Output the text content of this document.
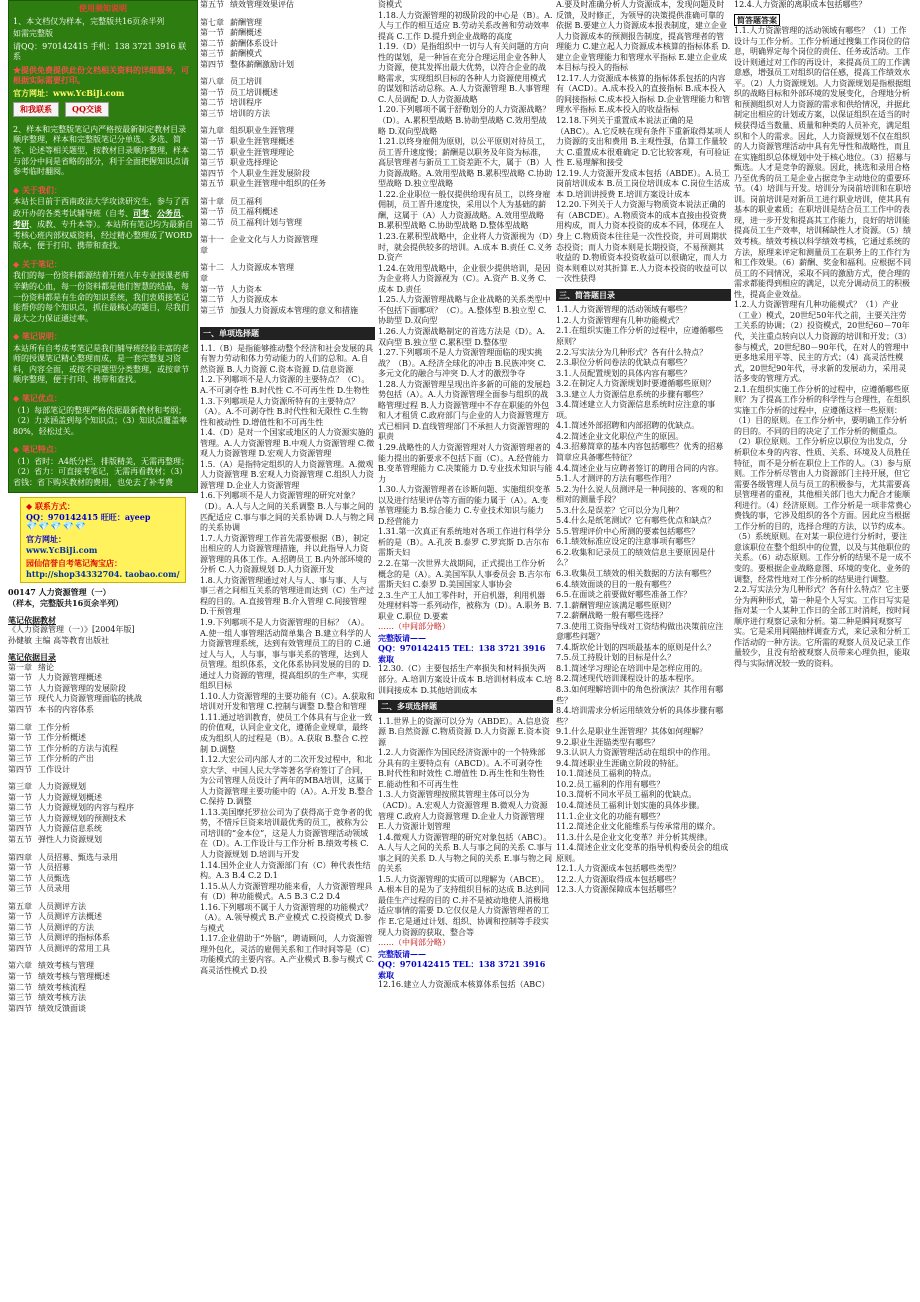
使用须知说明

1、本文档仅为样本，完整版共16页余半列

如需完整版

请QQ：970142415 手机：138 3721 3916 联系

★提供免费提供此份文档相关资料的详细服务，可根据实际需要打印。

官方网址：www.YcBiJi.com

和我联系	QQ交谈

2、样本和完整版笔记内严格按最新制定教材目录顺序整理，样本和完整版笔记分单选、多选、简答、论述等相关题型，按教材目录顺序整理，样本与部分中间是省略的部分，利于全面把握知识点请参考临时翻阅。

◆ 关于我们：

本站长目前于西南政法大学攻读研究生，参与了西政开办的各类考试辅导班（自考、司考、公务员、考研、成教、专升本等）。本站所有笔记均为最新自考核心班内部权威资料，经过精心整理成了WORD版本，便于打印、携带和查找。

◆ 关于笔记：

我们的每一份资料都源结着开班八年专业授课老师辛勤的心血，每一份资料都是他们智慧的结晶，每一份资料都是有生命的知识系统，我们衷质接笔记能帮你的每个知识点，抓住最核心的题目，尽我们最大之力保证通过率。

◆ 笔记说明：

本站所有自考成考笔记是我们辅导班经验丰富的老师的授课笔记精心整理而成，是一套完整复习资料，内容全面，或按不同题型分类整理，或按章节顺序整理，便于打印、携带和查找。

◆ 笔记优点：

（1）每部笔记的整理严格依据最新教材和考纲；（2）力求涵盖到每个知识点；（3）知识点覆盖率80%，轻松过关。

◆ 笔记特点：

（1）省时：A4纸分栏，排版精美，无需再整理；（2）省力：可直接考笔记，无需再看教材；（3）省钱：省下购买教材的费用，也免去了补考费

◆ 联系方式：
QQ：970142415 旺旺：ayeep
💎💎💎💎💎
官方网址：
www.YcBiJi.com
园仙信誉自考笔记淘宝店：
http://shop34332704. taobao.com/
00147 人力资源管理（一）
（样本，完整版共16页余半列）
笔记依据教材
《人力资源管理（一）》[2004年版]
孙健敏 主编 高等教育出版社
笔记依据目录
第一章 绪论
第一节 人力资源管理概述
第二节 人力资源管理的发展阶段
第三节 现代人力资源管理面临的挑战
第四节 本书的内容体系
第二章 工作分析
第一节 工作分析概述
第二节 工作分析的方法与流程
第三节 工作分析的产出
第四节 工作设计
第三章 人力资源规划
第一节 人力资源规划概述
第二节 人力资源规划的内容与程序
第三节 人力资源规划的预测技术
第四节 人力资源信息系统
第五节 弹性人力资源规划
第四章 人员招募、甄选与录用
第一节 人员招募
第二节 人员甄选
第三节 人员录用
第五章 人员测评方法
第一节 人员测评方法概述
第二节 人员测评的方法
第三节 人员测评的指标体系
第四节 人员测评的常用工具
第六章 绩效考核与管理
第一节 绩效考核与管理概述
第二节 绩效考核流程
第三节 绩效考核方法
第四节 绩效反馈面谈
第五节 绩效管理效果评估
第七章 薪酬管理
第一节 薪酬概述
第二节 薪酬体系设计
第三节 薪酬模式
第四节 整体薪酬激励计划
第八章 员工培训
第一节 员工培训概述
第二节 培训程序
第三节 培训的方法
第九章 组织职业生涯管理
第一节 职业生涯管理概述
第二节 职业生涯管理理论
第三节 职业选择理论
第四节 个人职业生涯发展阶段
第五节 职业生涯管理中组织的任务
第十章 员工福利
第一节 员工福利概述
第二节 员工福利计划与管理
第十一章
企业文化与人力资源管理
第十二章
人力资源成本管理
第一节 人力资本
第二节 人力资源成本
第三节 加强人力资源成本管理的意义和措施
一、单项选择题
1.1.（B）是指能够推动整个经济和社会发展的具有智力劳动和体力劳动能力的人们的总和。A.自然资源 B.人力资源 C.资本资源 D.信息资源
1.2.下列哪项不是人力资源的主要特点？（C）。A.不可剥夺性 B.时代性 C.不可再生性 D.生物性
1.3.下列哪项是人力资源所特有的主要特点？（A）。A.不可剥夺性 B.时代性和无限性 C.生物性和被动性 D.增值性和不可再生性
1.4.（D）是对一个国家或地区的人力资源实施的管理。A.人力资源管理 B.中观人力资源管理 C.微观人力资源管理 D.宏观人力资源管理
1.5.（A）是指特定组织的人力资源管理。A.微观人力资源管理 B.宏观人力资源管理 C.组织人力资源管理 D.企业人力资源管理
1.6.下列哪项不是人力资源管理的研究对象？（D）。A.人与人之间的关系调整 B.人与事之间的匹配适应 C.事与事之间的关系协调 D.人与物之间的关系协调
1.7.人力资源管理工作首先需要根据（B），制定出相应的人力资源管理措施，并以此指导人力资源管理的具体工作。A.招聘员工 B.内外部环境的分析 C.人力资源规划 D.人力资源开发
1.8.人力资源管理通过对人与人、事与事、人与事三者之间相互关系的管理进而达到（C）生产过程的目的。A.直接管理 B.介入管理 C.间接管理 D.干预管理
1.9.下列哪项不是人力资源管理的目标？（A）。A.使一组人事管理活动简单集合 B.建立科学的人力资源管理系统，达到有效管理员工的目的 C.通过人与人，人与事，事与事关系的管理，达到人员管理。组织体系，文化体系协同发展的目的 D.通过人力资源的管理，提高组织的生产率，实现组织目标
1.10.人力资源管理的主要功能有（C）。A.获取和培训对开发和管理 C.控制与调整 D.整合和管理
1.11.通过培训教育，使员工个体具有与企业一致的价值观，认同企业文化，遵循企业规章，最终成为组织人的过程是（B）。A.获取 B.整合 C.控制 D.调整
1.12.大宏公司内部人才的二次开发过程中，和北京大学、中国人民大学等著名学府签订了合同，为公司管理人员设计了两年的MBA培训，这属于人力资源管理主要功能中的（A）。A.开发 B.整合 C.保持 D.调整
1.13.美国摩托罗拉公司为了获得高于竞争者的优势，不惜斥巨资来培训最优秀的员工，被称为公司培训的“金本位”，这是人力资源管理活动领域在（D）。A.工作设计与工作分析 B.绩效考核 C.人力资源规划 D.培训与开发
1.14.国外企业人力资源部门有（C）种代表性结构。A.3 B.4 C.2 D.1
1.15.从人力资源管理功能来看，人力资源管理具有（D）种功能模式。A.5 B.3 C.2 D.4
1.16.下列哪项不属于人力资源管理的功能模式？（A）。A.领导模式 B.产业模式 C.投资模式 D.参与模式
1.17.企业借助于“外脑”，聘请顾问，人力资源管理外包化，灵活的雇佣关系和工作时间等是（C）功能模式的主要内容。A.产业模式 B.参与模式 C.高灵活性模式 D.投
资模式
1.18.人力资源管理的初级阶段的中心是（B）。A.人与工作的相互适应 B.劳动关系改善和劳动效率提高 C.工作 D.提升到企业战略的高度
1.19.（D）是指组织中一切与人有关问题的方向性的谋划，是一种旨在充分合理运用企业各种人力资源，使其发挥出最大优势，以符合企业的战略需求，实现组织目标的各种人力资源使用模式的谋划和活动总称。A.人力资源管理 B.人事管理 C.人员调配 D.人力资源战略
1.20.下列哪项不属于舒勒划分的人力资源战略？（D）。A.累积型战略 B.协助型战略 C.效用型战略 D.双向型战略
1.21.以终身雇佣为原则，以公平原则对待员工，员工晋升速度慢；薪酬是以职务及年资为标准，高层管理者与新员工工资差距不大，属于（B）人力资源战略。A.效用型战略 B.累积型战略 C.协助型战略 D.独立型战略
1.22.企业职位一般仅提供给现有员工，以终身雇佣制，员工晋升速度快，采用以个人为基础的薪酬，这属于（A）人力资源战略。A.效用型战略 B.累积型战略 C.协助型战略 D.整体型战略
1.23.在累积型战略中，企业将人力资源视为（D）时，就会提供较多的培训。A.成本 B.责任 C.义务 D.资产
1.24.在效用型战略中，企业很少提供培训，是因为企业将人力资源视为（C）。A.资产 B.义务 C.成本 D.责任
1.25.人力资源管理战略与企业战略的关系类型中不包括下面哪项？（C）。A.整体型 B.独立型 C.协助型 D.双向型
1.26.人力资源战略制定的首选方法是（D）。A.双向型 B.独立型 C.累积型 D.整体型
1.27.下列哪项不是人力资源管理面临的现实挑战？（B）。A.经济全球化的冲击 B.民族冲突 C.多元文化的融合与冲突 D.人才的激烈争夺
1.28.人力资源管理呈现出许多新的可能的发展趋势包括（A）。A.人力资源管理全面参与组织的战略管理过程 B.人力资源管理中不存在职能的外包和人才租赁 C.政府部门与企业的人力资源管理方式已相同 D.直线管理部门不承担人力资源管理的职责
1.29.战略性的人力资源管理对人力资源管理者的能力提出的新要求不包括下面（C）。A.经营能力 B.变革管理能力 C.决策能力 D.专业技术知识与能力
1.30.人力资源管理者在诊断问题、实施组织变革以及进行结果评估等方面的能力属于（A）。A.变革管理能力 B.综合能力 C.专业技术知识与能力 D.经营能力
1.31.第一次真正有系统地对各项工作进行科学分析的是（B）。A.孔茨 B.泰罗 C.罗宾斯 D.吉尔布雷斯夫妇
2.2.在第一次世界大战期间，正式提出工作分析概念的是（A）。A.美国军队人事委员会 B.吉尔布雷斯夫妇 C.泰罗 D.美国国家人事协会
2.3.生产工人加工零件时，开启机器，利用机器处理材料等一系列动作，被称为（D）。A.职务 B.职业 C.职位 D.要素
……（中间部分略）
完整版请——
QQ：970142415 TEL：138 3721 3916 索取
12.30.（C）主要包括生产率损失和材料损失两部分。A.培训方案设计成本 B.培训材料成本 C.培训间接成本 D.其他培训成本
二、多项选择题
1.1.世界上的资源可以分为（ABDE）。A.信息资源 B.自然资源 C.物质资源 D.人力资源 E.资本资源
1.2.人力资源作为国民经济资源中的一个特殊部分具有的主要特点有（ABCD）。A.不可剥夺性 B.时代性和时效性 C.增值性 D.再生性和生物性 E.能动性和不可再生性
1.3.人力资源管理按照其管理主体可以分为（ACD）。A.宏观人力资源管理 B.微观人力资源管理 C.政府人力资源管理 D.企业人力资源管理 E.人力资源计划管理
1.4.微观人力资源管理的研究对象包括（ABC）。A.人与人之间的关系 B.人与事之间的关系 C.事与事之间的关系 D.人与物之间的关系 E.事与物之间的关系
1.5.人力资源管理的实质可以理解为（ABCE）。A.根本目的是为了支持组织目标的达成 B.达到同最佳生产过程的目的 C.并不是被动地使人消极地适应事情的需要 D.它仅仅是人力资源管理者的工作 E.它是通过计划、组织、协调和控制等手段实现人力资源的获取、整合等
……（中间部分略）
完整版请——
QQ：970142415 TEL：138 3721 3916 索取
12.16.建立人力资源成本核算体系包括（ABC）
A.要及时准确分析人力资源成本，发现问题及时反馈，及时修正，为领导的决策提供准确可靠的依据 B.要建立人力资源成本报表制度，建立企业人力资源成本的预测报告制度，提高管理者的管理能力 C.建立起人力资源成本核算的指标体系 D.建立企业管理能力和管理水平指标 E.建立企业成本目标与投入的指标
12.17.人力资源成本核算的指标体系包括的内容有（ACD）。A.成本投入的直接指标 B.成本投入的间接指标 C.成本投入指标 D.企业管理能力和管理水平指标 E.成本投入的收益指标
12.18.下列关于重置成本说法正确的是（ABC）。A.它反映在现有条件下重新取得某项人力资源的支出和费用 B.主观性强，估算工作量较大 C.重置成本很难确定 D.它比较客观，有可验证性 E.易理解和接受
12.19.人力资源开发成本包括（ABDE）。A.员工岗前培训成本 B.员工岗位培训成本 C.岗位生活成本 D.培训讲授费 E.培训方案设计成本
12.20.下列关于人力资源与物质资本说法正确的有（ABCDE）。A.物质资本的成本直接由投资费用构成，而人力资本投资的成本不同，体现在人身上 C.物质资本往往是一次性投资，并可周期状态投资；而人力资本则是长期投资，不易预测其收益的 D.物质资本投资收益可以很确定，而人力资本则难以对其折算 E.人力资本投资的收益可以一次性获得
三、简答题目录
1.1.人力资源管理的活动领域有哪些？
1.2.人力资源管理有几种功能模式？
2.1.在组织实施工作分析的过程中，应遵循哪些原则？
2.2.写实法分为几种形式？各有什么特点？
2.3.职位分析问卷法的优缺点有哪些？
3.1.人员配置规划的具体内容有哪些？
3.2.在制定人力资源规划时要遵循哪些原则？
3.3.建立人力资源信息系统的步骤有哪些？
3.4.简述建立人力资源信息系统时应注意的事项。
4.1.简述外部招聘和内部招聘的优缺点。
4.2.简述企业文化职位产生的原因。
4.3.招募简章的基本内容包括哪些？优秀的招募简章应具备哪些特征？
4.4.简述企业与应聘者签订的聘用合同的内容。
5.1.人才测评的方法有哪些作用？
5.2.为什么说人员测评是一种间接的、客观的和相对的测量手段？
5.3.什么是误差？它可以分为几种？
5.4.什么是纸笔测试？它有哪些优点和缺点？
5.5.管理评价中心所测的要素包括哪些？
6.1.绩效标准应设定的注意事项有哪些？
6.2.收集和记录员工的绩效信息主要原因是什么？
6.3.收集员工绩效的相关数据的方法有哪些？
6.4.绩效面谈的目的一般有哪些？
6.5.在面谈之前要做好哪些准备工作？
7.1.薪酬管理应该满足哪些原则？
7.2.薪酬战略一般有哪些选择？
7.3.使用工资指导线对工资结构做出决策前应注意哪些问题？
7.4.斯坎伦计划的四项最基本的原则是什么？
7.5.员工持股计划的目标是什么？
8.1.简述学习理论在培训中是怎样应用的。
8.2.简述现代培训课程设计的基本程序。
8.3.如何理解培训中的角色扮演法？其作用有哪些？
8.4.培训需求分析运用绩效分析的具体步骤有哪些？
9.1.什么是职业生涯管理？其体如何理解？
9.2.职业生涯锚类型有哪些？
9.3.认识人力资源管理活动在组织中的作用。
9.4.简述职业生涯确立阶段的特征。
10.1.简述员工福利的特点。
10.2.员工福利的作用有哪些？
10.3.简析不同水平员工福利的优缺点。
10.4.简述员工福利计划实施的具体步骤。
11.1.企业文化的功能有哪些？
11.2.简述企业文化能维系与传承常用的媒介。
11.3.什么是企业文化变革？并分析其规律。
11.4.简述企业文化变革的指导机构委员会的组成原则。
12.1.人力资源成本包括哪些类型？
12.2.人力资源取得成本包括哪些？
12.3.人力资源保障成本包括哪些？
12.4.人力资源的离职成本包括哪些？
简答题答案
1.1.人力资源管理的活动领域有哪些？（1）工作设计与工作分析。工作分析通过搜集工作岗位的信息，明确界定每个岗位的责任、任务或活动。工作设计则通过对工作的再设计，来提高员工的工作满意感，增强员工对组织的信任感，提高工作绩效水平。（2）人力资源规划。人力资源规划是指根据组织的战略目标和外部环境的发展变化，合理地分析和预测组织对人力资源的需求和供给情况，并据此制定出相应的计划或方案，以保证组织在适当的时候获得适当数量、质量和种类的人员补充，满足组织和个人的需求。因此，人力资源规划不仅在组织的人力资源管理活动中具有先导性和战略性，而且在实施组织总体规划中处于核心地位。（3）招募与甄选。人才是竞争的源泉。因此，挑选和录用合格乃至优秀的员工是企业占据竞争主动地位的重要环节。（4）培训与开发。培训分为岗前培训和在职培训。岗前培训是对新员工进行职业培训，使其具有基本的职业素质；在职培训是结合员工工作中的表现，进一步开发和提高其工作能力，良好的培训能提高员工生产效率，培训稀缺性人才资源。（5）绩效考核。绩效考核以科学绩效考核，它通过系统的方法，原理来评定和测量员工在职务上的工作行为和工作效果。（6）薪酬、奖金和福利。应根据不同员工的不同情况，采取不同的激励方式，使合理的需求都能得到相应的满足，以充分调动员工的积极性，提高企业效益。
1.2.人力资源管理有几种功能模式？（1）产业（工业）模式，20世纪50年代之前，主要关注劳工关系的协调；（2）投资模式，20世纪60－70年代，关注重点转向以人力资源的培训和开发；（3）参与模式，20世纪80－90年代，在对人的管理中更多地采用平等、民主的方式；（4）高灵活性模式，20世纪90年代，寻求新的发展动力，采用灵活多变的管理方式。
2.1.在组织实施工作分析的过程中，应遵循哪些原则？为了提高工作分析的科学性与合理性，在组织实施工作分析的过程中，应遵循这样一些原则：（1）目的原则。在工作分析中，要明确工作分析的目的。不同的目的决定了工作分析的侧重点。（2）职位原则。工作分析应以职位为出发点，分析职位本身的内容、性质、关系、环境及人员胜任特征，而不是分析在职位上工作的人。（3）参与原则。工作分析尽管由人力资源部门主持开展，但它需要各级管理人员与员工的积极参与，尤其需要高层管理者的重视，其他相关部门也大力配合才能顺利进行。（4）经济原则。工作分析是一项非常费心费钱的事，它涉及组织的各个方面。因此应当根据工作分析的目的，选择合理的方法，以节约成本。（5）系统原则。在对某一职位进行分析时，要注意该职位在整个组织中的位置，以及与其他职位的关系。（6）动态原则。工作分析的结果不是一成不变的。要根据企业战略意图、环境的变化、业务的调整，经常性地对工作分析的结果进行调整。
2.2.写实法分为几种形式？各有什么特点？它主要分为两种形式，第一种是个人写实。工作日写实是指对某一个人某种工作日的全部工时消耗，按时间顺序进行观察记录和分析。第二种是瞬间观察写实。它是采用间隔抽样调查方式，来记录和分析工作活动的一种方法。它所需的观察人员及记录工作量较少，且没有给被观察人员带来心理负担，能取得与实际情况较一致的资料。
